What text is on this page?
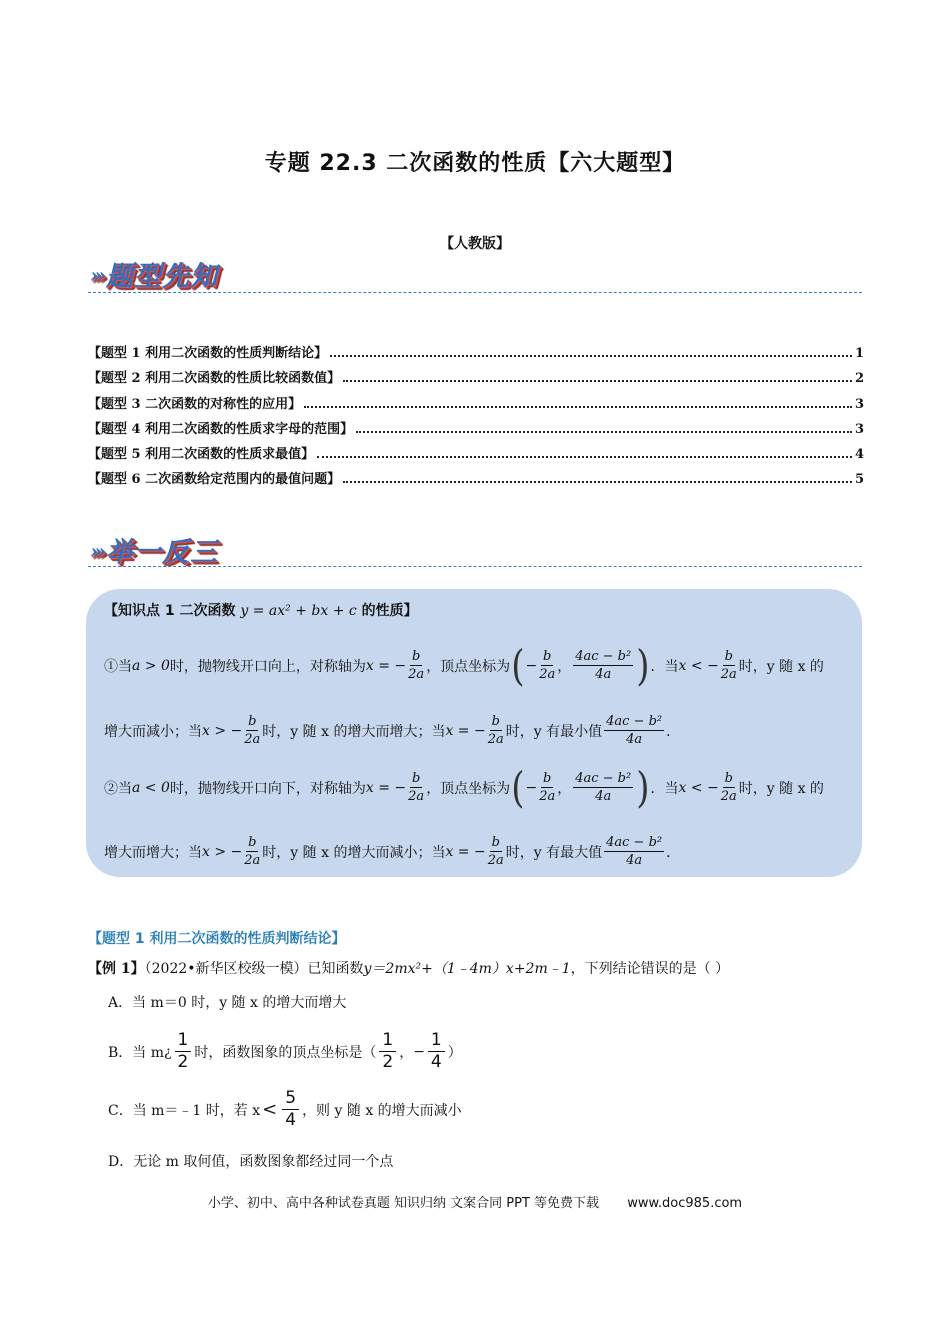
专题 22.3 二次函数的性质【六大题型】
【人教版】
››› 题型先知
【题型 1 利用二次函数的性质判断结论】	1
【题型 2 利用二次函数的性质比较函数值】	2
【题型 3 二次函数的对称性的应用】	3
【题型 4 利用二次函数的性质求字母的范围】	3
【题型 5 利用二次函数的性质求最值】	4
【题型 6 二次函数给定范围内的最值问题】	5
››› 举一反三
【知识点 1 二次函数 y = ax² + bx + c 的性质】
①当 a > 0 时，抛物线开口向上，对称轴为 x = − $\frac{b}{2a}$ ，顶点坐标为 ( − $\frac{b}{2a}$ ， $\frac{\text{4ac − b²}}{4a}$ ) ．当 x < − $\frac{b}{2a}$ 时， y 随 x 的
增大而减小；当 x > − $\frac{b}{2a}$ 时， y 随 x 的增大而增大；当 x = − $\frac{b}{2a}$ 时， y 有最小值 $\frac{\text{4ac − b²}}{4a}$ ．
②当 a < 0 时，抛物线开口向下，对称轴为 x = − $\frac{b}{2a}$ ，顶点坐标为 ( − $\frac{b}{2a}$ ， $\frac{\text{4ac − b²}}{4a}$ ) ．当 x < − $\frac{b}{2a}$ 时， y 随 x 的
增大而增大；当 x > − $\frac{b}{2a}$ 时， y 随 x 的增大而减小；当 x = − $\frac{b}{2a}$ 时， y 有最大值 $\frac{\text{4ac − b²}}{4a}$ ．
【题型 1 利用二次函数的性质判断结论】
【例 1】（2022•新华区校级一模）已知函数y＝2mx²+（1﹣4m）x+2m﹣1，下列结论错误的是（ ）
A．当 m＝0 时，y 随 x 的增大而增大
B．当 m ¿
1
2 时，函数图象的顶点坐标是（
1
2 ， − $\frac{1}{4}$ ）
C．当 m＝﹣1 时，若 x <
5
4 ，则 y 随 x 的增大而减小
D．无论 m 取何值，函数图象都经过同一个点
小学、初中、高中各种试卷真题 知识归纳 文案合同 PPT 等免费下载 www.doc985.com
